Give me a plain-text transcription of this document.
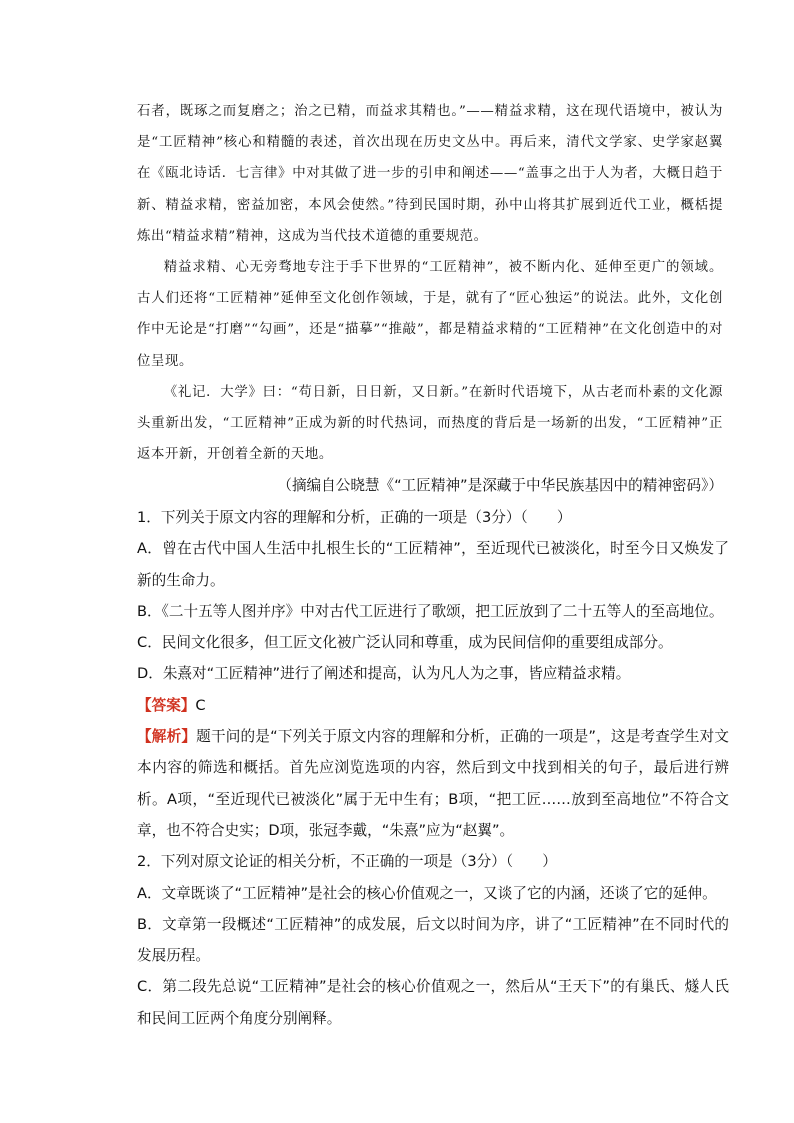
石者，既琢之而复磨之；治之已精，而益求其精也。”——精益求精，这在现代语境中，被认为是“工匠精神”核心和精髓的表述，首次出现在历史文丛中。再后来，清代文学家、史学家赵翼在《瓯北诗话．七言律》中对其做了进一步的引申和阐述——“盖事之出于人为者，大概日趋于新、精益求精，密益加密，本风会使然。”待到民国时期，孙中山将其扩展到近代工业，概栝提炼出“精益求精”精神，这成为当代技术道德的重要规范。

精益求精、心无旁骛地专注于手下世界的“工匠精神”，被不断内化、延伸至更广的领域。古人们还将“工匠精神”延伸至文化创作领域，于是，就有了“匠心独运”的说法。此外，文化创作中无论是“打磨”“勾画”，还是“描摹”“推敲”，都是精益求精的“工匠精神”在文化创造中的对位呈现。

《礼记．大学》曰：“苟日新，日日新，又日新。”在新时代语境下，从古老而朴素的文化源头重新出发，“工匠精神”正成为新的时代热词，而热度的背后是一场新的出发，“工匠精神”正返本开新，开创着全新的天地。

（摘编自公晓慧《“工匠精神”是深藏于中华民族基因中的精神密码》）

1．下列关于原文内容的理解和分析，正确的一项是（3分）（　　）

A．曾在古代中国人生活中扎根生长的“工匠精神”，至近现代已被淡化，时至今日又焕发了新的生命力。

B．《二十五等人图并序》中对古代工匠进行了歌颂，把工匠放到了二十五等人的至高地位。

C．民间文化很多，但工匠文化被广泛认同和尊重，成为民间信仰的重要组成部分。

D．朱熹对“工匠精神”进行了阐述和提高，认为凡人为之事，皆应精益求精。

【答案】C

【解析】题干问的是“下列关于原文内容的理解和分析，正确的一项是”，这是考查学生对文本内容的筛选和概括。首先应浏览选项的内容，然后到文中找到相关的句子，最后进行辨析。A项，“至近现代已被淡化”属于无中生有；B项，“把工匠……放到至高地位”不符合文章，也不符合史实；D项，张冠李戴，“朱熹”应为“赵翼”。

2．下列对原文论证的相关分析，不正确的一项是（3分）（　　）

A．文章既谈了“工匠精神”是社会的核心价值观之一，又谈了它的内涵，还谈了它的延伸。

B．文章第一段概述“工匠精神”的成发展，后文以时间为序，讲了“工匠精神”在不同时代的发展历程。

C．第二段先总说“工匠精神”是社会的核心价值观之一，然后从“王天下”的有巢氏、燧人氏和民间工匠两个角度分别阐释。
